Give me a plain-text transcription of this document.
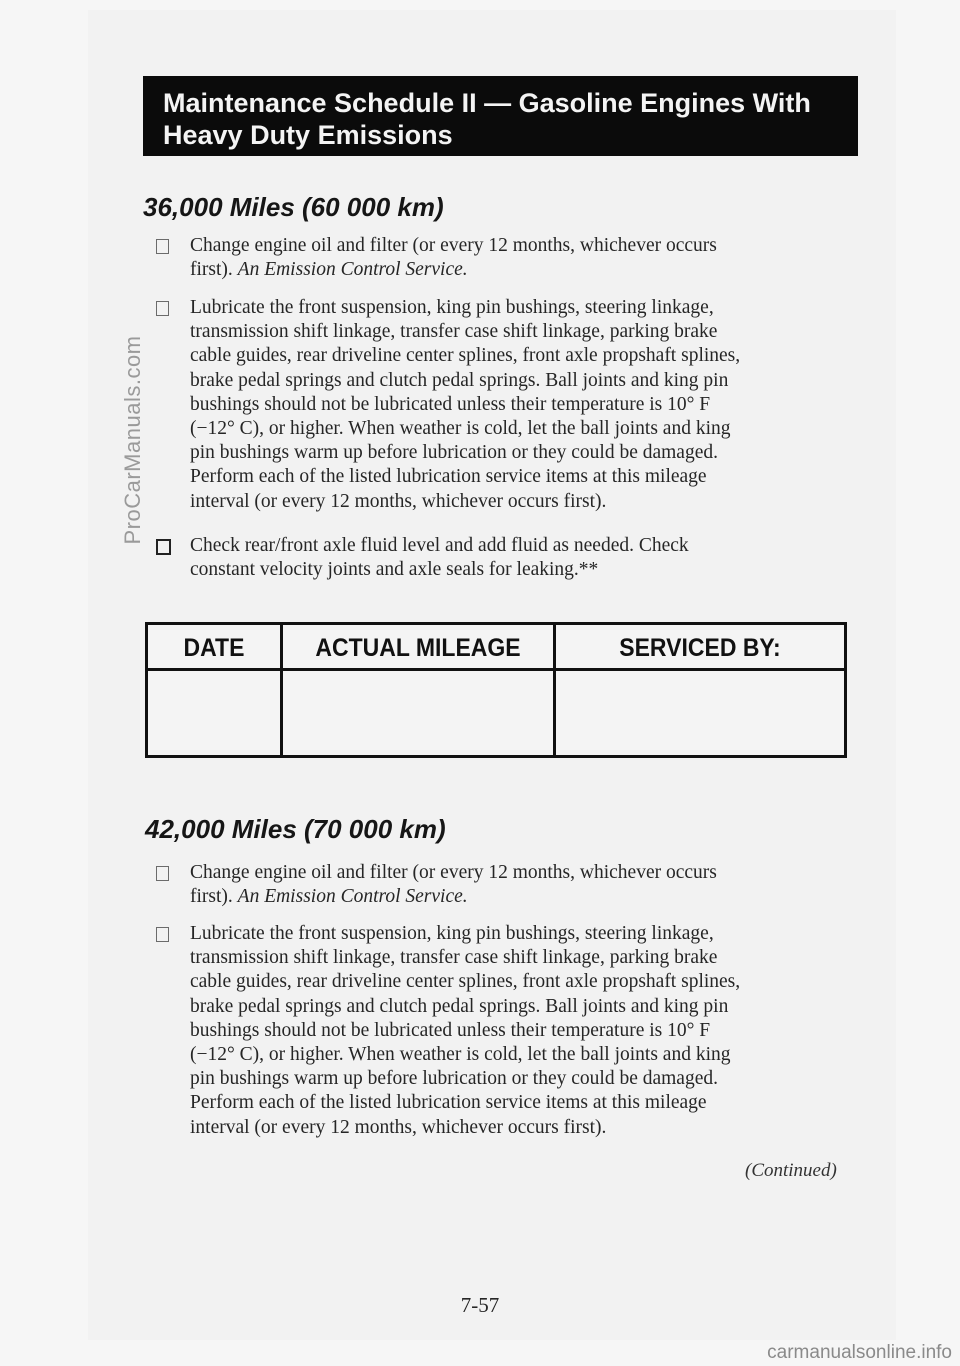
ProCarManuals.com
Maintenance Schedule II — Gasoline Engines With
Heavy Duty Emissions
36,000 Miles (60 000 km)
Change engine oil and filter (or every 12 months, whichever occurs
first). An Emission Control Service.
Lubricate the front suspension, king pin bushings, steering linkage,
transmission shift linkage, transfer case shift linkage, parking brake
cable guides, rear driveline center splines, front axle propshaft splines,
brake pedal springs and clutch pedal springs. Ball joints and king pin
bushings should not be lubricated unless their temperature is 10° F
(−12° C), or higher. When weather is cold, let the ball joints and king
pin bushings warm up before lubrication or they could be damaged.
Perform each of the listed lubrication service items at this mileage
interval (or every 12 months, whichever occurs first).
Check rear/front axle fluid level and add fluid as needed. Check
constant velocity joints and axle seals for leaking.**
DATE	ACTUAL MILEAGE	SERVICED BY:
42,000 Miles (70 000 km)
Change engine oil and filter (or every 12 months, whichever occurs
first). An Emission Control Service.
Lubricate the front suspension, king pin bushings, steering linkage,
transmission shift linkage, transfer case shift linkage, parking brake
cable guides, rear driveline center splines, front axle propshaft splines,
brake pedal springs and clutch pedal springs. Ball joints and king pin
bushings should not be lubricated unless their temperature is 10° F
(−12° C), or higher. When weather is cold, let the ball joints and king
pin bushings warm up before lubrication or they could be damaged.
Perform each of the listed lubrication service items at this mileage
interval (or every 12 months, whichever occurs first).
(Continued)
7-57
carmanualsonline.info
